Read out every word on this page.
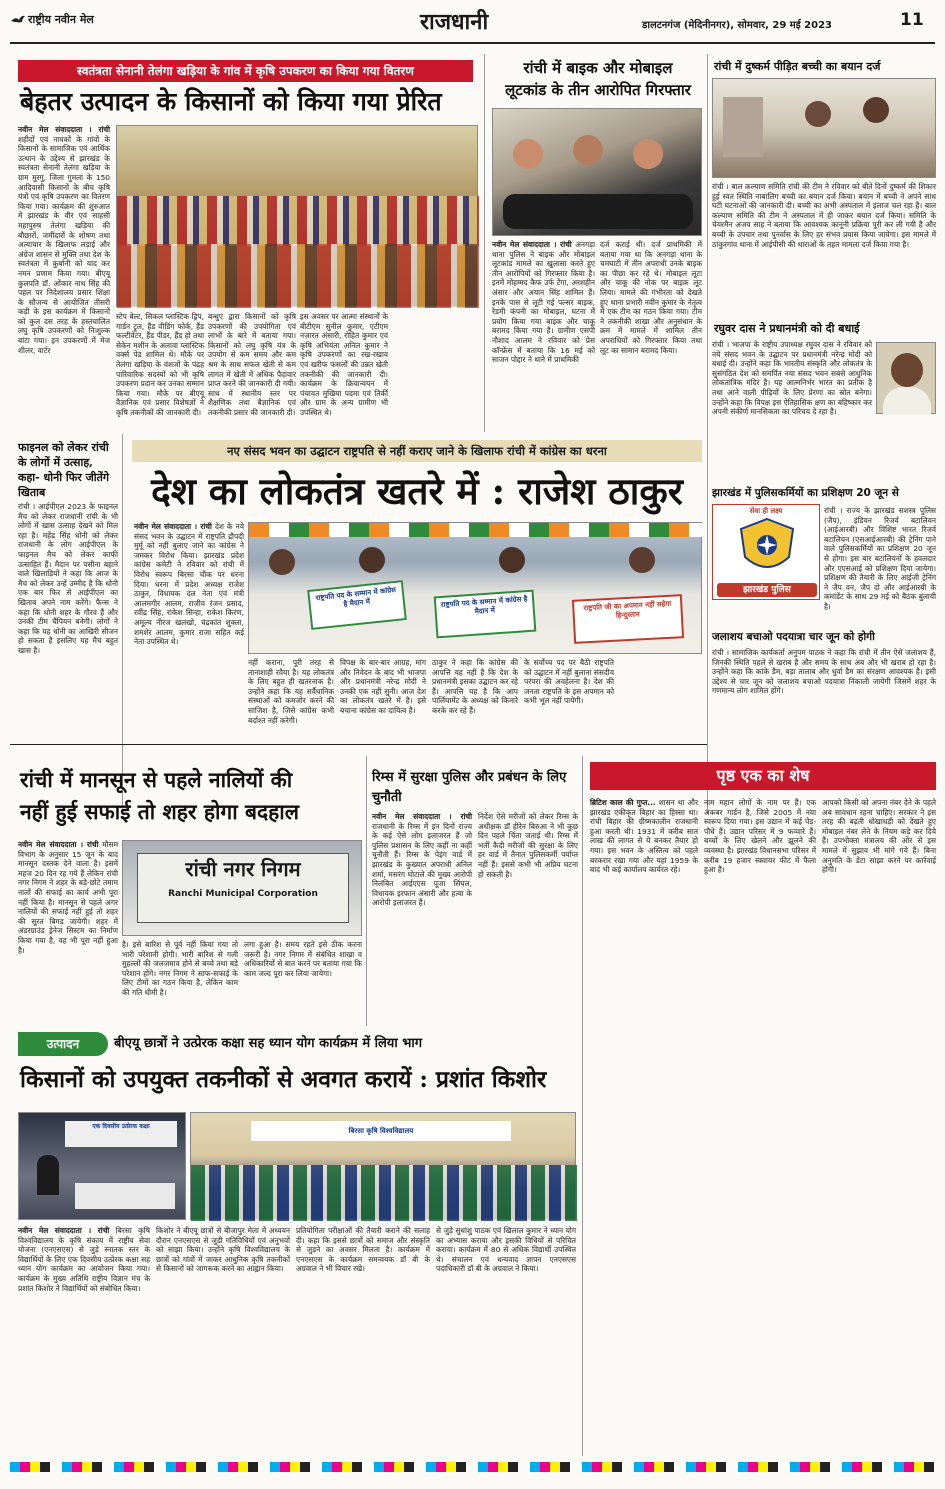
राष्ट्रीय नवीन मेल	राजधानी	डालटनगंज (मेदिनीनगर), सोमवार, 29 मई 2023	11
स्वतंत्रता सेनानी तेलंगा खड़िया के गांव में कृषि उपकरण का किया गया वितरण
बेहतर उत्पादन के किसानों को किया गया प्रेरित
नवीन मेल संवाददाता । रांची शहीदों एवं नायकों के गांवों के किसानों के सामाजिक एवं आर्थिक उत्थान के उद्देश्य से झारखंड के स्वतंत्रता सेनानी तेलंगा खड़िया के ग्राम मुरगु, जिला गुमला के 150 आदिवासी किसानों के बीच कृषि यंत्रों एवं कृषि उपकरण का वितरण किया गया। कार्यक्रम की शुरुआत में झारखंड के वीर एवं साहसी महापुरुष तेलंगा खड़िया की बौछारों, जमींदारों के शोषण तथा अत्याचार के खिलाफ लड़ाई और अंग्रेज शासन से मुक्ति तथा देश के स्वतंत्रता में कुर्बानी को याद कर नमन प्रणाम किया गया। बीएयू कुलपति डॉ. ओंकार नाथ सिंह की पहल पर निदेशालय प्रसार शिक्षा के सौजन्य से आयोजित तीसरी कड़ी के इस कार्यक्रम में किसानों को कुल दस तरह के हस्तचालित लघु कृषि उपकरणों को निःशुल्क बांटा गया। इन उपकरणों में मेज शीलर, वार्टर
स्टेप बेल्ट, सिकल प्लास्टिक ड्रिप, गार्डन ट्रूल, हैंड वीडिंग फोर्क, हैंड फल्टीवेटर, हैंड पीडर, हैंड हो तथा सेकेन मशीन के अलावा प्लास्टिक वर्क्स पेड शामिल थे। मौके पर तेलंगा खड़िया के वंशजों के पंद्रह पारिवारिक सदस्यों को भी कृषि उपकरण प्रदान कर उनका सम्मान किया गया। मौके पर बीएयू वैज्ञानिक एवं प्रसार विशेषज्ञों ने कृषि तकनीकों की जानकारी दी।
बन्धुए द्वारा किसानों को कृषि उपकरणों की उपयोगिता एवं लाभों के बारे में बताया गया। किसानों को लघु कृषि यंत्र के उपयोग से कम समय और कम श्रम के साथ सफल खेती से कम लागत में खेती में अधिक पैदावार प्राप्त करने की जानकारी दी गयी। साथ में स्थानीय स्तर पर शैक्षणिक तथा बैज्ञानिक एवं तकनीकी प्रसार की जानकारी दी।
इस अवसर पर आत्मा संस्थानों के बीटीएम सुनील कुमार, एटीएम नज़ारत अंसारी, रोहित कुमार एवं कृषि अभियंता अनिल कुमार ने कृषि उपकरणों का रख-रखाव एवं खरीफ फसलों की उन्नत खेती तकनीकी की जानकारी दी। कार्यक्रम के क्रियान्वयन में पंचायत मुखिया पदमा एवं तिर्की और ग्राम के अन्य ग्रामीण भी उपस्थित थे।
रांची में बाइक और मोबाइल
लूटकांड के तीन आरोपित गिरफ्तार
नवीन मेल संवाददाता । रांची अनगड़ा थाना पुलिस ने बाइक और मोबाइल लूटकांड मामले का खुलासा करते हुए तीन आरोपियों को गिरफ्तार किया है। इनमें मोहम्मद कैफ उर्फ टेंगा, अरशहीन अंसार और अयान सिंह शामिल हैं। इनके पास से लूटी गई पल्सर बाइक, रेडमी कंपनी का मोबाइल, घटना में प्रयोग किया गया बाइक और चाकू बरामद किया गया है। ग्रामीण एसपी नौशाद आलम ने रविवार को प्रेस कॉन्फ्रेंस में बताया कि 16 मई को साजन पोद्दार ने थाने में प्राथमिकी
दर्ज कराई थी। दर्ज प्राथमिकी में बताया गया था कि अनगड़ा थाना के चमघाटी में तीन अपराधी उनके बाइक का पीछा कर रहे थे। मोबाइल लूटा और चाकू की नोक पर बाइक लूट लिया। मामले की गंभीरता को देखते हुए थाना प्रभारी नवीन कुमार के नेतृत्व में एक टीम का गठन किया गया। टीम ने तकनीकी शाखा और अनुसंधान के क्रम में मामले में शामिल तीन अपराधियों को गिरफ्तार किया तथा लूट का सामान बरामद किया।
रांची में दुष्कर्म पीड़ित बच्ची का बयान दर्ज
रांची । बाल कल्याण समिति रांची की टीम ने रविवार को बीते दिनों दुष्कर्म की शिकार हुई स्वत स्थिति नाबालिग बच्ची का बयान दर्ज किया। बयान में बच्ची ने अपने साथ घटी घटनाओं की जानकारी दी। बच्ची का अभी अस्पताल में इलाज चल रहा है। बाल कल्याण समिति की टीम ने अस्पताल में ही जाकर बयान दर्ज किया। समिति के चेयरमैन अजय साह ने बताया कि आवश्यक कानूनी प्रक्रिया पूरी कर ली गयी है और बच्ची के उपचार तथा पुनर्वास के लिए हर संभव प्रयास किया जायेगा। इस मामले में ठाकुरगांव थाना में आईपीसी की धाराओं के तहत मामला दर्ज किया गया है।
रघुवर दास ने प्रधानमंत्री को दी बधाई
रांची । भाजपा के राष्ट्रीय उपाध्यक्ष रघुवर दास ने रविवार को नये संसद भवन के उद्घाटन पर प्रधानमंत्री नरेन्द्र मोदी को बधाई दी। उन्होंने कहा कि भारतीय संस्कृति और लोकतंत्र के सुसंगठित देश को समर्पित नया संसद भवन सबसे आधुनिक लोकतांत्रिक मंदिर है। यह आत्मनिर्भर भारत का प्रतीक है तथा आने वाली पीढ़ियों के लिए प्रेरणा का स्रोत बनेगा। उन्होंने कहा कि विपक्ष इस ऐतिहासिक क्षण का बहिष्कार कर अपनी संकीर्ण मानसिकता का परिचय दे रहा है।
झारखंड में पुलिसकर्मियों का प्रशिक्षण 20 जून से
सेवा ही लक्ष्य
झारखंड पुलिस
रांची । राज्य के झारखंड सशस्त्र पुलिस (जैप), इंडियन रिजर्व बटालियन (आईआरबी) और विशिष्ट भारत रिजर्व बटालियन (एसआईआरबी) की ट्रेनिंग पाने वाले पुलिसकर्मियों का प्रशिक्षण 20 जून से होगा। इस बार बटालियनों के हवलदार और एएसआई को प्रशिक्षण दिया जायेगा। प्रशिक्षण की तैयारी के लिए आईजी ट्रेनिंग ने जैप वन, जैप दो और आईआरबी के कमांडेंट के साथ 29 मई को बैठक बुलायी है।
जलाशय बचाओ पदयात्रा चार जून को होगी
रांची । सामाजिक कार्यकर्ता अनुपम पाठक ने कहा कि रांची में तीन ऐसे जलाशय हैं, जिनकी स्थिति पहले से खराब है और समय के साथ अब और भी खराब हो रहा है। उन्होंने कहा कि कांके डैम, बड़ा तालाब और धुर्वा डैम का संरक्षण आवश्यक है। इसी उद्देश्य से चार जून को जलाशय बचाओ पदयात्रा निकाली जायेगी जिसमें शहर के गणमान्य लोग शामिल होंगे।
फाइनल को लेकर रांची के लोगों में उत्साह, कहा- धोनी फिर जीतेंगे खिताब
रांची । आईपीएल 2023 के फाइनल मैच को लेकर राजधानी रांची के भी लोगों में खास उत्साह देखने को मिल रहा है। महेंद्र सिंह धोनी को लेकर राजधानी के लोग आईपीएल के फाइनल मैच को लेकर काफी उत्साहित हैं। मैदान पर पसीना बहाने वाले खिलाड़ियों ने कहा कि आज के मैच को लेकर उन्हें उम्मीद है कि धोनी एक बार फिर से आईपीएल का खिताब अपने नाम करेंगे। फैन्स ने कहा कि धोनी शहर के गौरव हैं और उनकी टीम चैंपियन बनेगी। लोगों ने कहा कि यह धोनी का आखिरी सीजन हो सकता है इसलिए यह मैच बहुत खास है।
नए संसद भवन का उद्घाटन राष्ट्रपति से नहीं कराए जाने के खिलाफ रांची में कांग्रेस का धरना
देश का लोकतंत्र खतरे में : राजेश ठाकुर
नवीन मेल संवाददाता । रांची देश के नये संसद भवन के उद्घाटन में राष्ट्रपति द्रौपदी मुर्मू को नहीं बुलाए जाने का कांग्रेस ने जमकर विरोध किया। झारखंड प्रदेश कांग्रेस कमेटी ने रविवार को रांची में विरोध स्वरूप बिरसा चौक पर धरना दिया। धरना में प्रदेश अध्यक्ष राजेश ठाकुर, विधायक दल नेता एवं मंत्री आलमगीर आलम, राजीव रंजन प्रसाद, रवींद्र सिंह, राकेश सिन्हा, राकेश किरण, अमूल्य नीरज खलखो, चंद्रकांत शुक्ला, शमशेर आलम, कुमार राजा सहित कई नेता उपस्थित थे।
राष्ट्रपति पद के सम्मान में कांग्रेस है मैदान में	राष्ट्रपति पद के सम्मान में कांग्रेस है मैदान में	राष्ट्रपति जी का अपमान नहीं सहेगा हिन्दुस्तान
नहीं कराना, पूरी तरह से तानाशाही रवैया है। यह लोकतंत्र के लिए बहुत ही खतरनाक है। उन्होंने कहा कि यह सर्वैधानिक संस्थाओं को कमजोर करने की साजिश है, जिसे कांग्रेस कभी बर्दाश्त नहीं करेगी।
विपक्ष के बार-बार आग्रह, मांग और निवेदन के बाद भी भाजपा और प्रधानमंत्री नरेन्द्र मोदी ने उनकी एक नहीं सुनी। आज देश का लोकतंत्र खतरे में है। इसे बचाना कांग्रेस का दायित्व है।
ठाकुर ने कहा कि कांग्रेस की आपत्ति यह नहीं है कि देश के प्रधानमंत्री इसका उद्घाटन कर रहे हैं। आपत्ति यह है कि आप पार्लियामेंट के अध्यक्ष को किनारे करके कर रहे हैं।
के सर्वोच्च पद पर बैठी राष्ट्रपति को उद्घाटन में नहीं बुलाना संसदीय परंपरा की अवहेलना है। देश की जनता राष्ट्रपति के इस अपमान को कभी भूल नहीं पायेगी।
रांची में मानसून से पहले नालियों की
नहीं हुई सफाई तो शहर होगा बदहाल
नवीन मेल संवाददाता । रांची मौसम विभाग के अनुसार 15 जून के बाद मानसून दस्तक देने वाला है। इसमें महज 20 दिन रह गये हैं लेकिन रांची नगर निगम ने शहर के बड़े-छोटे तमाम नालों की सफाई का कार्य अभी पूरा नहीं किया है। मानसून से पहले अगर नालियों की सफाई नहीं हुई तो शहर की सूरत बिगड़ जायेगी। शहर में अंडरग्राउंड ड्रेनेज सिस्टम का निर्माण किया गया है, वह भी पूरा नहीं हुआ है।
रांची नगर निगम
Ranchi Municipal Corporation
है। इसे बारिश से पूर्व नहीं किया गया तो भारी परेशानी होगी। भारी बारिश से गली मुहल्लों की जलजमाव होने से बच्चे तथा बड़े परेशान होंगे। नगर निगम ने साफ-सफाई के लिए टीमों का गठन किया है, लेकिन काम की गति धीमी है।
लगा हुआ है। समय रहते इसे ठीक करना जरूरी है। नगर निगम में संबंधित शाखा व अधिकारियों से बात करने पर बताया गया कि काम जल्द पूरा कर लिया जायेगा।
रिम्स में सुरक्षा पुलिस और प्रबंधन के लिए चुनौती
नवीन मेल संवाददाता । रांची राजधानी के रिम्स में इन दिनों राज्य के कई ऐसे लोग इलाजरत हैं जो पुलिस प्रशासन के लिए कहीं ना कहीं चुनौती हैं। रिम्स के पेइंग वार्ड में झारखंड के कुख्यात अपराधी अनिल शर्मा, मसरंग घोटाले की मुख्य आरोपी निलंबित आईएएस पूजा सिंघल, विधायक इरफान अंसारी और हत्या के आरोपी इलाजरत हैं।
निर्देश ऐसे मरीजों को लेकर रिम्स के अधीक्षक डॉ हीरेन बिरुआ ने भी कुछ दिन पहले चिंता जताई थी। रिम्स में भर्ती कैदी मरीजों की सुरक्षा के लिए हर वार्ड में तैनात पुलिसकर्मी पर्याप्त नहीं हैं। इससे कभी भी अप्रिय घटना हो सकती है।
पृष्ठ एक का शेष
ब्रिटिश काल की गुप्त... शासन था और झारखंड एकीकृत बिहार का हिस्सा था। रांची बिहार की ग्रीष्मकालीन राजधानी हुआ करती थी। 1931 में करीब सात लाख की लागत से ये बनकर तैयार हो गया। इस भवन के अस्तित्व को पहले बरकरार रखा गया और यहां 1959 के बाद भी कई कार्यालय कार्यरत रहे।
नाम महान लोगों के नाम पर हैं। एक अकबर गार्डन है, जिसे 2005 में नया स्वरूप दिया गया। इस उद्यान में कई पेड़-पौधे हैं। उद्यान परिसर में 9 फव्वारे हैं। बच्चों के लिए खेलने और झूलने की व्यवस्था है। झारखंड विधानसभा परिसर में करीब 19 हजार स्क्वायर फीट में फैला हुआ है।
आपको किसी को अपना नंबर देने के पहले अब सावधान रहना चाहिए। सरकार ने इस तरह की बढ़ती धोखाधड़ी को देखते हुए मोबाइल नंबर लेने के नियम कड़े कर दिये हैं। उपभोक्ता मंत्रालय की ओर से इस मामले में सुझाव भी मांगे गये हैं। बिना अनुमति के डेटा साझा करने पर कार्रवाई होगी।
उत्पादन	बीएयू छात्रों ने उत्प्रेरक कक्षा सह ध्यान योग कार्यक्रम में लिया भाग
किसानों को उपयुक्त तकनीकों से अवगत करायें : प्रशांत किशोर
एक दिवसीय उत्प्रेरक कक्षा
बिरसा कृषि विश्वविद्यालय
नवीन मेल संवाददाता । रांची बिरसा कृषि विश्वविद्यालय के कृषि संकाय में राष्ट्रीय सेवा योजना (एनएसएस) से जुड़े स्नातक स्तर के विद्यार्थियों के लिए एक दिवसीय उत्प्रेरक कक्षा सह ध्यान योग कार्यक्रम का आयोजन किया गया। कार्यक्रम के मुख्य अतिथि राष्ट्रीय विज्ञान मंच के प्रशांत किशोर ने विद्यार्थियों को संबोधित किया।
किशोर ने बीएयू छात्रों से बीजापुर मेला में अध्ययन दौरान एनएसएस से जुड़ी गतिविधियों एवं अनुभवों को साझा किया। उन्होंने कृषि विश्वविद्यालय के छात्रों को गांवों में जाकर आधुनिक कृषि तकनीकों से किसानों को जागरूक करने का आह्वान किया।
प्रतियोगिता परीक्षाओं की तैयारी कराने की सलाह दी। कहा कि इससे छात्रों को समाज और संस्कृति से जुड़ने का अवसर मिलता है। कार्यक्रम में एनएसएस के कार्यक्रम समन्वयक डॉ बी के अग्रवाल ने भी विचार रखे।
से जुड़े सुधांशु पाठक एवं खिलाल कुमार ने ध्यान योग का अभ्यास कराया और इसकी विधियों से परिचित कराया। कार्यक्रम में 80 से अधिक विद्यार्थी उपस्थित थे। संचालन एवं धन्यवाद ज्ञापन एनएसएस पदाधिकारी डॉ बी के अग्रवाल ने किया।
